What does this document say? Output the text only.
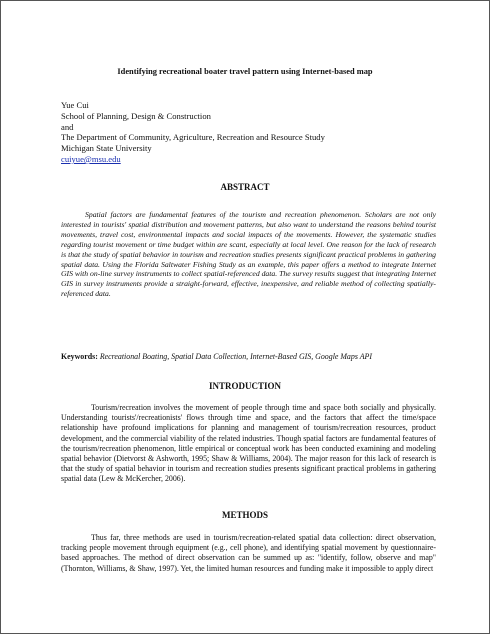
Identifying recreational boater travel pattern using Internet-based map
Yue Cui
School of Planning, Design & Construction
and
The Department of Community, Agriculture, Recreation and Resource Study
Michigan State University
cuiyue@msu.edu
ABSTRACT
Spatial factors are fundamental features of the tourism and recreation phenomenon. Scholars are not only interested in tourists' spatial distribution and movement patterns, but also want to understand the reasons behind tourist movements, travel cost, environmental impacts and social impacts of the movements. However, the systematic studies regarding tourist movement or time budget within are scant, especially at local level. One reason for the lack of research is that the study of spatial behavior in tourism and recreation studies presents significant practical problems in gathering spatial data. Using the Florida Saltwater Fishing Study as an example, this paper offers a method to integrate Internet GIS with on-line survey instruments to collect spatial-referenced data. The survey results suggest that integrating Internet GIS in survey instruments provide a straight-forward, effective, inexpensive, and reliable method of collecting spatially-referenced data.
Keywords: Recreational Boating, Spatial Data Collection, Internet-Based GIS, Google Maps API
INTRODUCTION
Tourism/recreation involves the movement of people through time and space both socially and physically. Understanding tourists'/recreationists' flows through time and space, and the factors that affect the time/space relationship have profound implications for planning and management of tourism/recreation resources, product development, and the commercial viability of the related industries. Though spatial factors are fundamental features of the tourism/recreation phenomenon, little empirical or conceptual work has been conducted examining and modeling spatial behavior (Dietvorst & Ashworth, 1995; Shaw & Williams, 2004). The major reason for this lack of research is that the study of spatial behavior in tourism and recreation studies presents significant practical problems in gathering spatial data (Lew & McKercher, 2006).
METHODS
Thus far, three methods are used in tourism/recreation-related spatial data collection: direct observation, tracking people movement through equipment (e.g., cell phone), and identifying spatial movement by questionnaire-based approaches. The method of direct observation can be summed up as: "identify, follow, observe and map" (Thornton, Williams, & Shaw, 1997). Yet, the limited human resources and funding make it impossible to apply direct
